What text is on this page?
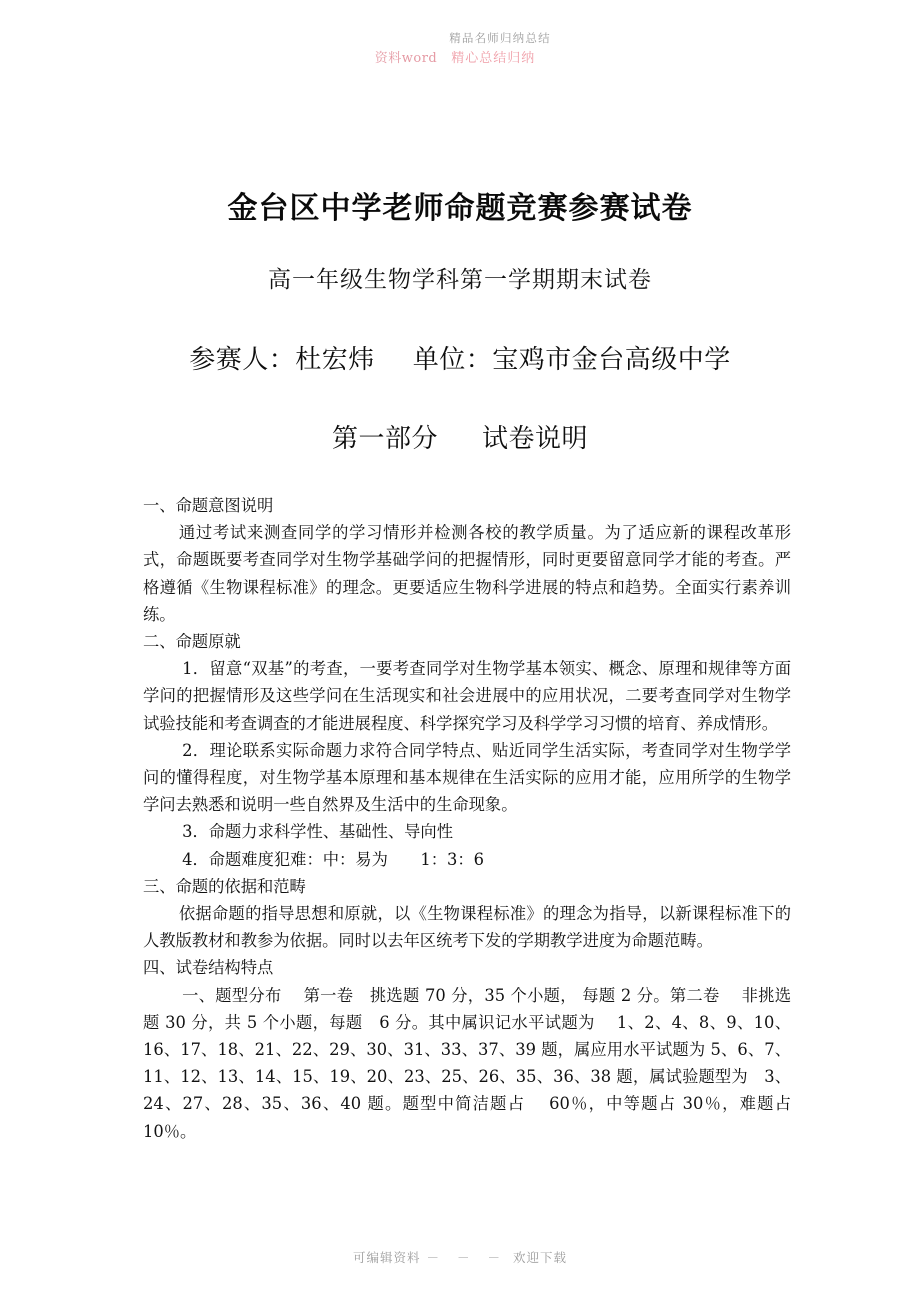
精品名师归纳总结
资料word 精心总结归纳
金台区中学老师命题竞赛参赛试卷
高一年级生物学科第一学期期末试卷
参赛人：杜宏炜 单位：宝鸡市金台高级中学
第一部分 试卷说明

一、命题意图说明

通过考试来测查同学的学习情形并检测各校的教学质量。为了适应新的课程改革形式，命题既要考查同学对生物学基础学问的把握情形，同时更要留意同学才能的考查。严格遵循《生物课程标准》的理念。更要适应生物科学进展的特点和趋势。全面实行素养训练。

二、命题原就

1．留意“双基”的考查，一要考查同学对生物学基本领实、概念、原理和规律等方面学问的把握情形及这些学问在生活现实和社会进展中的应用状况，二要考查同学对生物学试验技能和考查调查的才能进展程度、科学探究学习及科学学习习惯的培育、养成情形。

2．理论联系实际命题力求符合同学特点、贴近同学生活实际，考查同学对生物学学问的懂得程度，对生物学基本原理和基本规律在生活实际的应用才能，应用所学的生物学学问去熟悉和说明一些自然界及生活中的生命现象。

3．命题力求科学性、基础性、导向性

4．命题难度犯难：中：易为　　1：3：6

三、命题的依据和范畴

依据命题的指导思想和原就，以《生物课程标准》的理念为指导，以新课程标准下的人教版教材和教参为依据。同时以去年区统考下发的学期教学进度为命题范畴。

四、试卷结构特点

一、题型分布　 第一卷　挑选题 70 分，35 个小题， 每题 2 分。第二卷　 非挑选题 30 分，共 5 个小题，每题　6 分。其中属识记水平试题为　 1、2、4、8、9、10、16、17、18、21、22、29、30、31、33、37、39 题，属应用水平试题为 5、6、7、11、12、13、14、15、19、20、23、25、26、35、36、38 题，属试验题型为　3、24、27、28、35、36、40 题。题型中简洁题占　 60％，中等题占 30％，难题占　10％。

可编辑资料 － － － 欢迎下载
